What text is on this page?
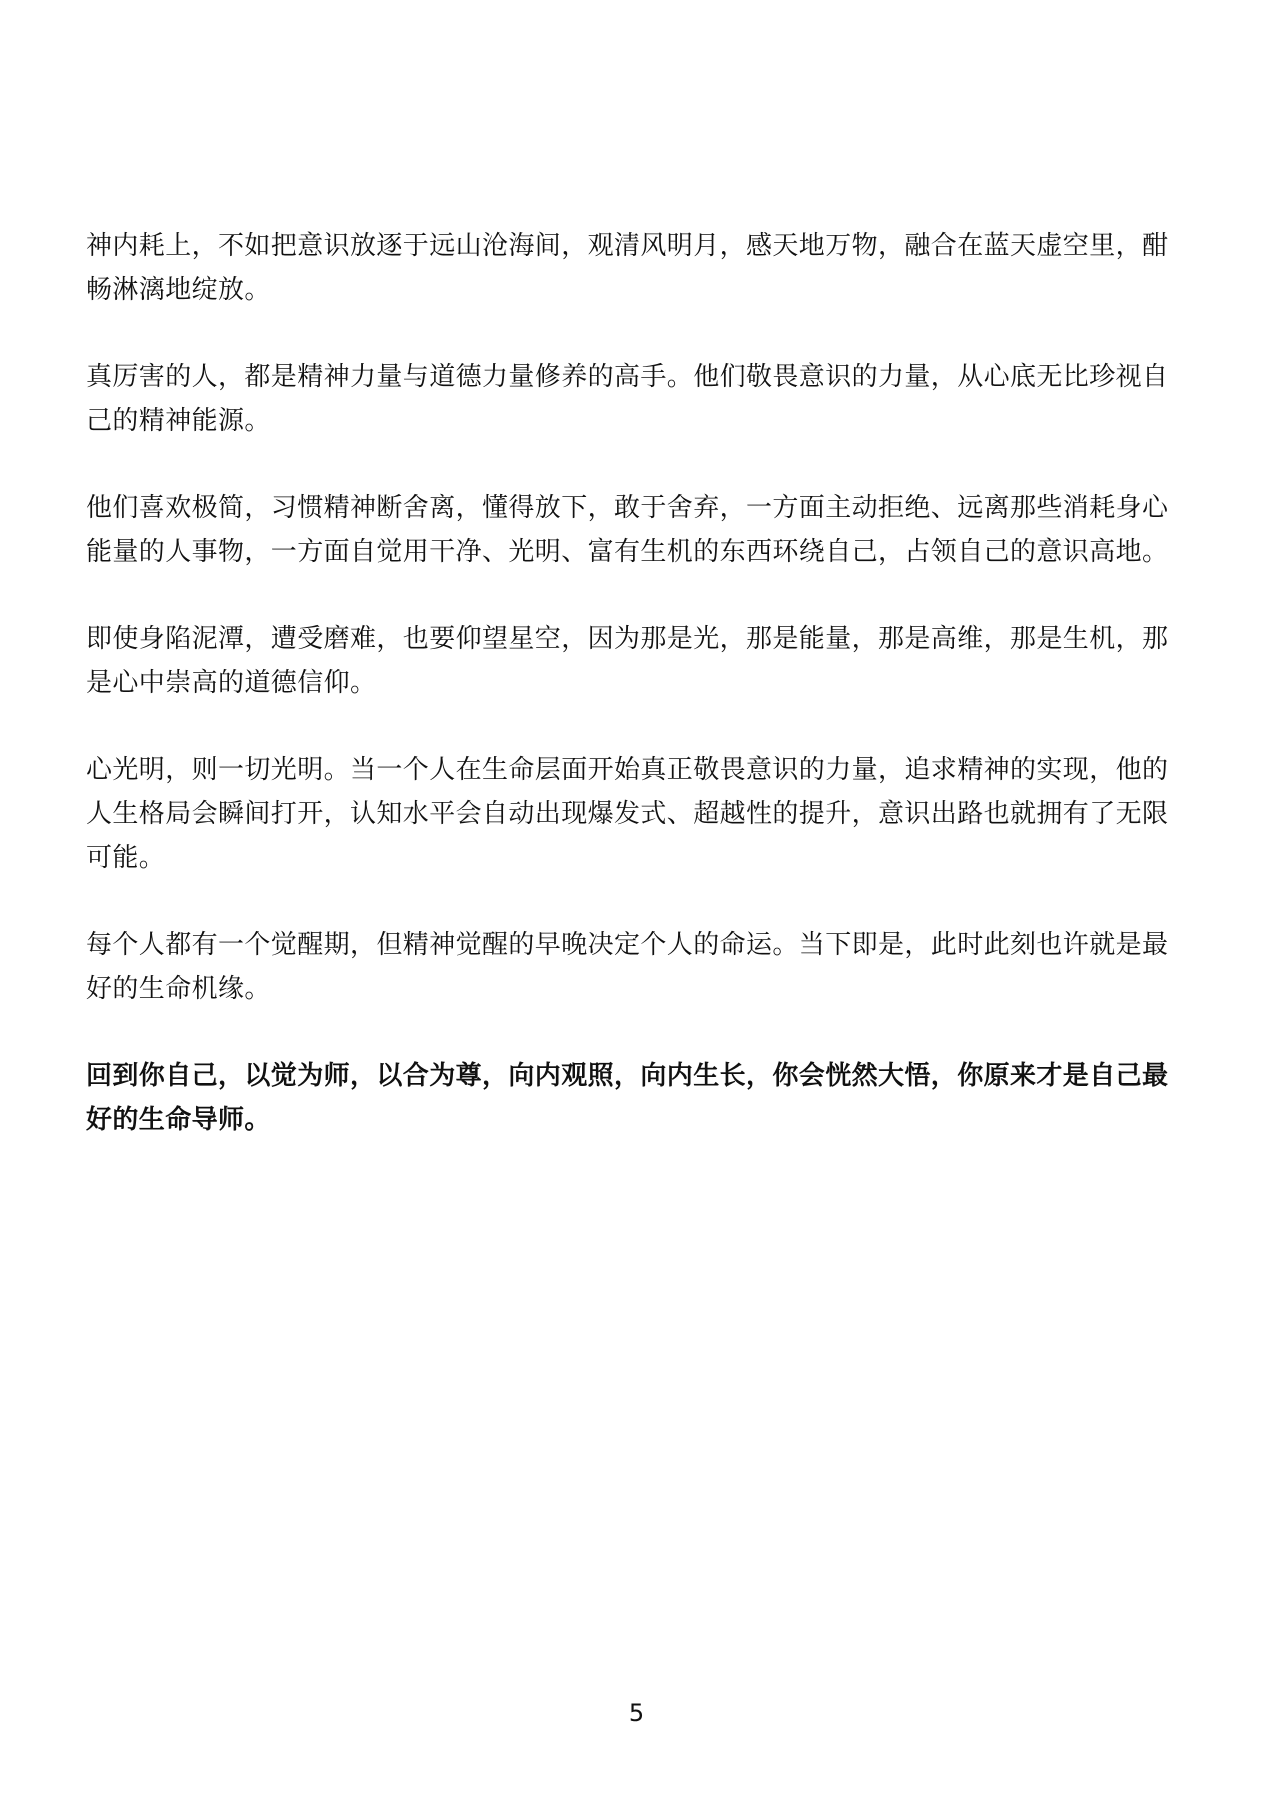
神内耗上，不如把意识放逐于远山沧海间，观清风明月，感天地万物，融合在蓝天虚空里，酣畅淋漓地绽放。

真厉害的人，都是精神力量与道德力量修养的高手。他们敬畏意识的力量，从心底无比珍视自己的精神能源。

他们喜欢极简，习惯精神断舍离，懂得放下，敢于舍弃，一方面主动拒绝、远离那些消耗身心能量的人事物，一方面自觉用干净、光明、富有生机的东西环绕自己，占领自己的意识高地。

即使身陷泥潭，遭受磨难，也要仰望星空，因为那是光，那是能量，那是高维，那是生机，那是心中崇高的道德信仰。

心光明，则一切光明。当一个人在生命层面开始真正敬畏意识的力量，追求精神的实现，他的人生格局会瞬间打开，认知水平会自动出现爆发式、超越性的提升，意识出路也就拥有了无限可能。

每个人都有一个觉醒期，但精神觉醒的早晚决定个人的命运。当下即是，此时此刻也许就是最好的生命机缘。

回到你自己，以觉为师，以合为尊，向内观照，向内生长，你会恍然大悟，你原来才是自己最好的生命导师。

5
